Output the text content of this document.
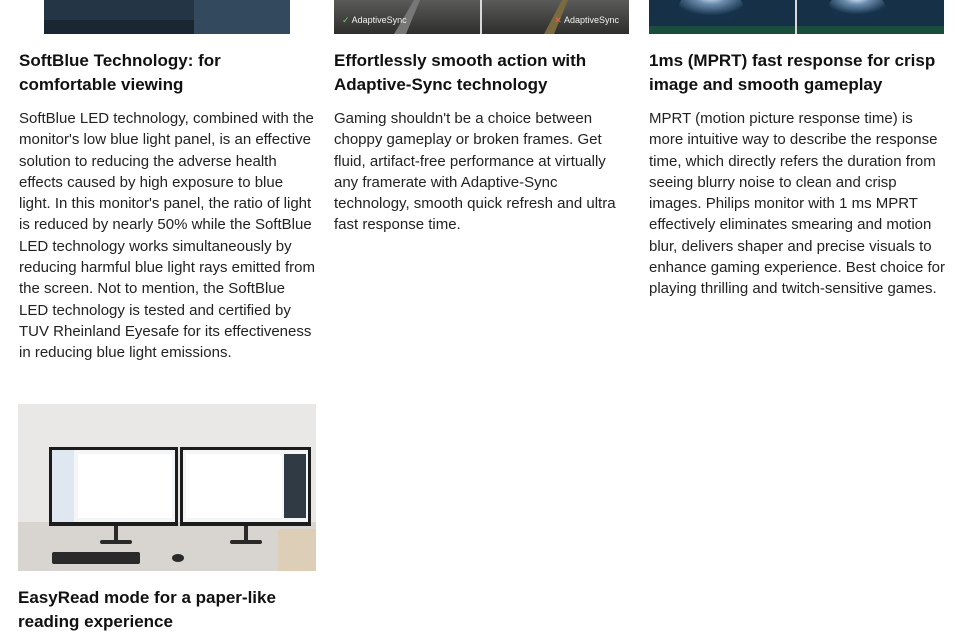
✓ AdaptiveSync	✕ AdaptiveSync
SoftBlue Technology: for comfortable viewing

SoftBlue LED technology, combined with the monitor's low blue light panel, is an effective solution to reducing the adverse health effects caused by high exposure to blue light. In this monitor's panel, the ratio of light is reduced by nearly 50% while the SoftBlue LED technology works simultaneously by reducing harmful blue light rays emitted from the screen. Not to mention, the SoftBlue LED technology is tested and certified by TUV Rheinland Eyesafe for its effectiveness in reducing blue light emissions.

Effortlessly smooth action with Adaptive-Sync technology

Gaming shouldn't be a choice between choppy gameplay or broken frames. Get fluid, artifact-free performance at virtually any framerate with Adaptive-Sync technology, smooth quick refresh and ultra fast response time.

1ms (MPRT) fast response for crisp image and smooth gameplay

MPRT (motion picture response time) is more intuitive way to describe the response time, which directly refers the duration from seeing blurry noise to clean and crisp images. Philips monitor with 1 ms MPRT effectively eliminates smearing and motion blur, delivers shaper and precise visuals to enhance gaming experience. Best choice for playing thrilling and twitch-sensitive games.

EasyRead mode for a paper-like reading experience
